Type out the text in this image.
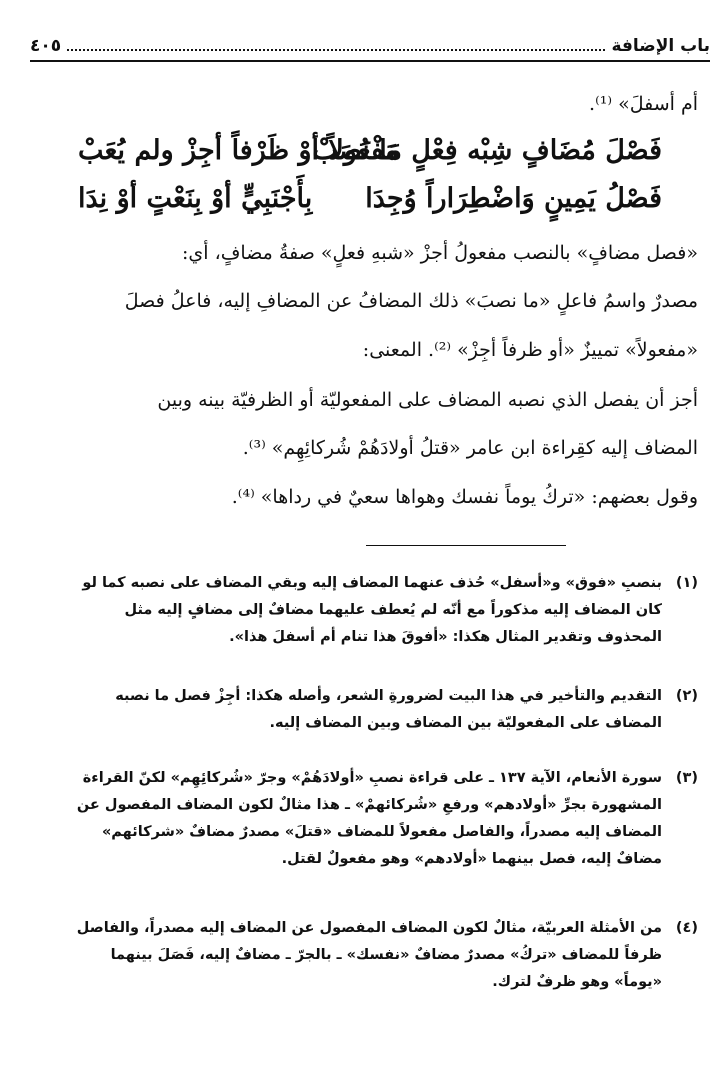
باب الإضافة
٤٠٥
أم أسفلَ» ⁽¹⁾.
فَصْلَ مُضَافٍ شِبْه فِعْلٍ مَا نَصَبْ
مَفْعُولاً أوْ ظَرْفاً أجِزْ ولم يُعَبْ
فَصْلُ يَمِينٍ وَاضْطِرَاراً وُجِدَا
بِأَجْنَبِيٍّ أوْ بِنَعْتٍ أوْ نِدَا
«فصل مضافٍ» بالنصب مفعولُ أجزْ «شبهِ فعلٍ» صفةُ مضافٍ، أي:
مصدرٌ واسمُ فاعلٍ «ما نصبَ» ذلك المضافُ عن المضافِ إليه، فاعلُ فصلَ
«مفعولاً» تمييزٌ «أو ظرفاً أجِزْ» ⁽²⁾. المعنى:
أجز أن يفصل الذي نصبه المضاف على المفعوليّة أو الظرفيّة بينه وبين
المضاف إليه كقِراءة ابن عامر «قتلُ أولادَهُمْ شُركائِهِم» ⁽³⁾.
وقول بعضهم: «تركُ يوماً نفسك وهواها سعيٌ في رداها» ⁽⁴⁾.
(١)
بنصبِ «فوق» و«أسفل» حُذف عنهما المضاف إليه وبقي المضاف على نصبه كما لو
كان المضاف إليه مذكوراً مع أنّه لم يُعطف عليهما مضافٌ إلى مضافٍ إليه مثل
المحذوف وتقدير المثال هكذا: «أفوقَ هذا تنام أم أسفلَ هذا».
(٢)
التقديم والتأخير في هذا البيت لضرورةِ الشعر، وأصله هكذا: أجِزْ فصل ما نصبه
المضاف على المفعوليّة بين المضاف وبين المضاف إليه.
(٣)
سورة الأنعام، الآية ١٣٧ ـ على قراءة نصبِ «أولادَهُمْ» وجرّ «شُركائِهِم» لكنّ القراءة
المشهورة بجرِّ «أولادهم» ورفعِ «شُركائهمْ» ـ هذا مثالٌ لكون المضاف المفصول عن
المضاف إليه مصدراً، والفاصل مفعولاً للمضاف «قتلَ» مصدرٌ مضافٌ «شركائهم»
مضافٌ إليه، فصل بينهما «أولادهم» وهو مفعولٌ لقتل.
(٤)
من الأمثلة العربيّة، مثالٌ لكون المضاف المفصول عن المضاف إليه مصدراً، والفاصل
ظرفاً للمضاف «تركُ» مصدرٌ مضافٌ «نفسك» ـ بالجرّ ـ مضافٌ إليه، فَصَلَ بينهما
«يوماً» وهو ظرفٌ لترك.
